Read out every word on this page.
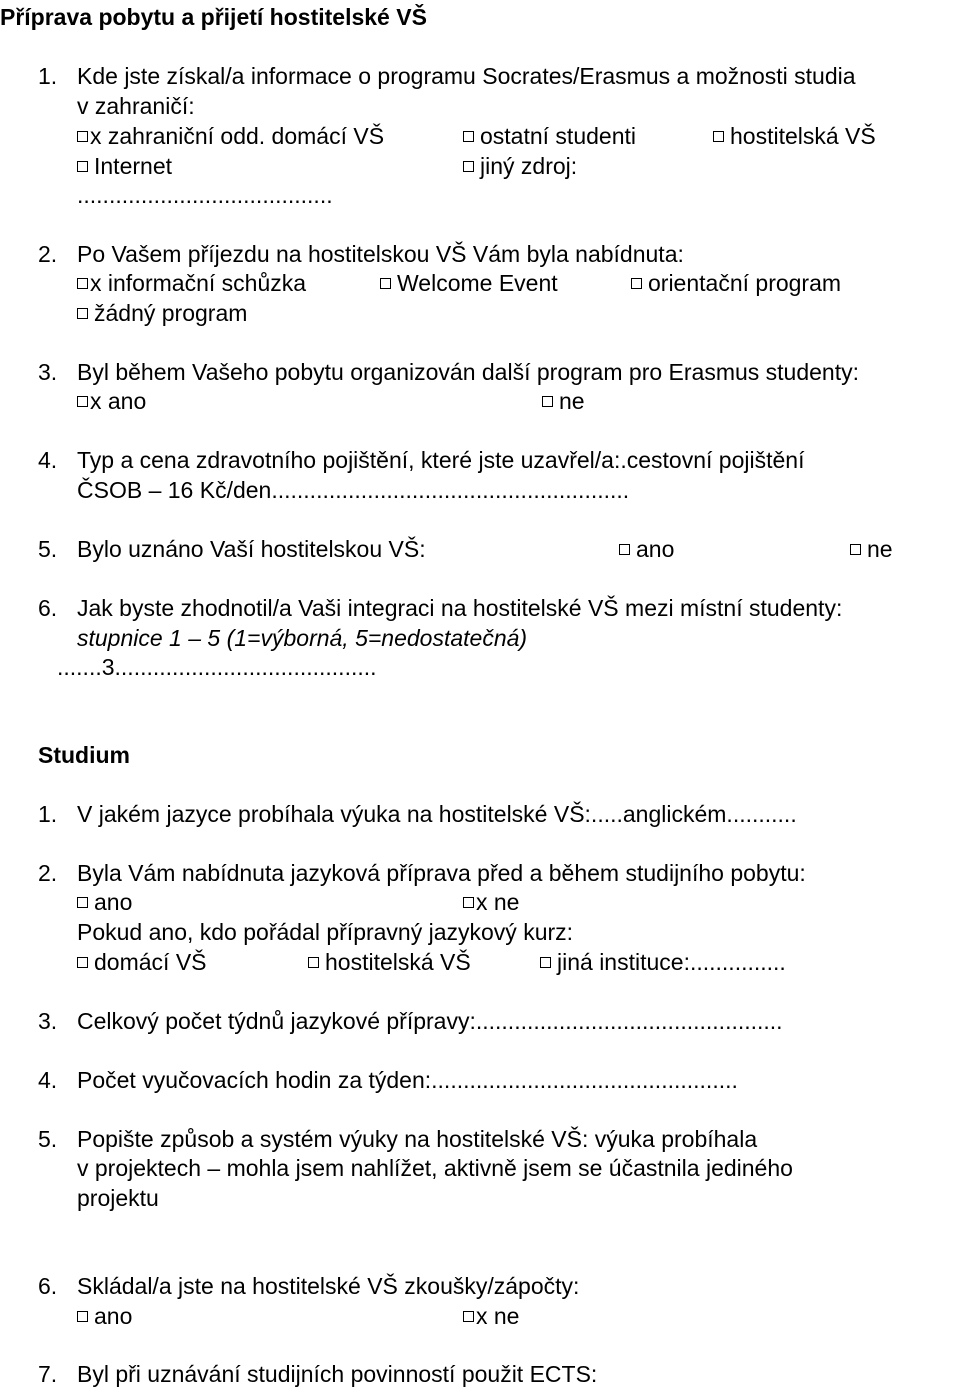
Příprava pobytu a přijetí hostitelské VŠ
1. Kde jste získal/a informace o programu Socrates/Erasmus a možnosti studia
v zahraničí:
x zahraniční odd. domácí VŠ	ostatní studenti	hostitelská VŠ
Internet	jiný zdroj:
........................................
2. Po Vašem příjezdu na hostitelskou VŠ Vám byla nabídnuta:
x informační schůzka	Welcome Event	orientační program
žádný program
3. Byl během Vašeho pobytu organizován další program pro Erasmus studenty:
x ano	ne
4. Typ a cena zdravotního pojištění, které jste uzavřel/a:.cestovní pojištění
ČSOB – 16 Kč/den........................................................
5. Bylo uznáno Vaší hostitelskou VŠ:	ano	ne
6. Jak byste zhodnotil/a Vaši integraci na hostitelské VŠ mezi místní studenty:
stupnice 1 – 5 (1=výborná, 5=nedostatečná)
.......3.........................................
Studium
1. V jakém jazyce probíhala výuka na hostitelské VŠ:.....anglickém...........
2. Byla Vám nabídnuta jazyková příprava před a během studijního pobytu:
ano	x ne
Pokud ano, kdo pořádal přípravný jazykový kurz:
domácí VŠ	hostitelská VŠ	jiná instituce:...............
3. Celkový počet týdnů jazykové přípravy:................................................
4. Počet vyučovacích hodin za týden:................................................
5. Popište způsob a systém výuky na hostitelské VŠ: výuka probíhala
v projektech – mohla jsem nahlížet, aktivně jsem se účastnila jediného
projektu
6. Skládal/a jste na hostitelské VŠ zkoušky/zápočty:
ano	x ne
7. Byl při uznávání studijních povinností použit ECTS:
